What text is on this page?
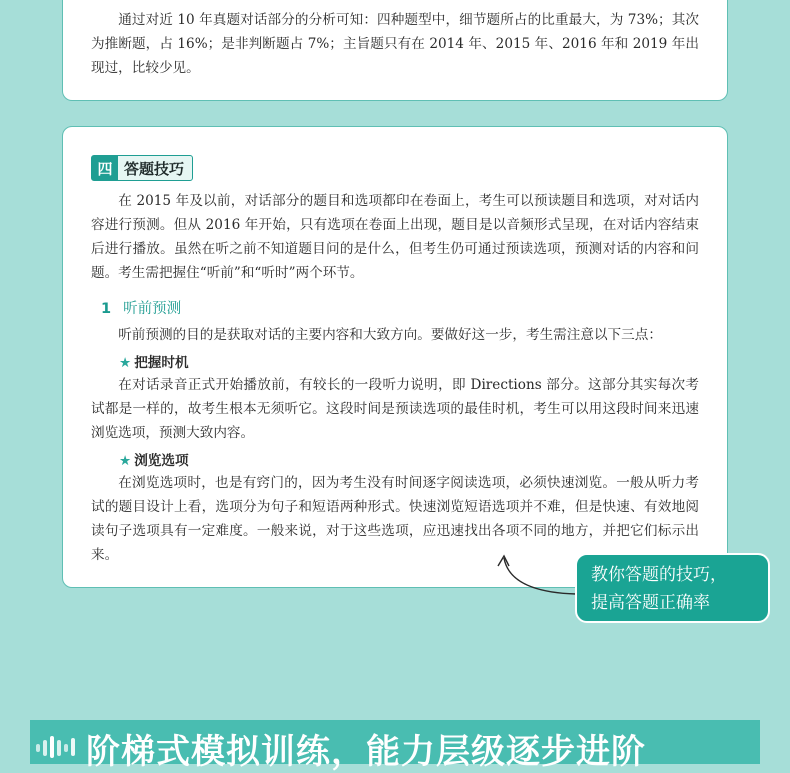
通过对近 10 年真题对话部分的分析可知：四种题型中，细节题所占的比重最大，为 73%；其次为推断题，占 16%；是非判断题占 7%；主旨题只有在 2014 年、2015 年、2016 年和 2019 年出现过，比较少见。

四 答题技巧

在 2015 年及以前，对话部分的题目和选项都印在卷面上，考生可以预读题目和选项，对对话内容进行预测。但从 2016 年开始，只有选项在卷面上出现，题目是以音频形式呈现，在对话内容结束后进行播放。虽然在听之前不知道题目问的是什么，但考生仍可通过预读选项，预测对话的内容和问题。考生需把握住“听前”和“听时”两个环节。

1 听前预测

听前预测的目的是获取对话的主要内容和大致方向。要做好这一步，考生需注意以下三点：

★ 把握时机

在对话录音正式开始播放前，有较长的一段听力说明，即 Directions 部分。这部分其实每次考试都是一样的，故考生根本无须听它。这段时间是预读选项的最佳时机，考生可以用这段时间来迅速浏览选项，预测大致内容。

★ 浏览选项

在浏览选项时，也是有窍门的，因为考生没有时间逐字阅读选项，必须快速浏览。一般从听力考试的题目设计上看，选项分为句子和短语两种形式。快速浏览短语选项并不难，但是快速、有效地阅读句子选项具有一定难度。一般来说，对于这些选项，应迅速找出各项不同的地方，并把它们标示出来。

教你答题的技巧，
提高答题正确率
阶梯式模拟训练，能力层级逐步进阶
